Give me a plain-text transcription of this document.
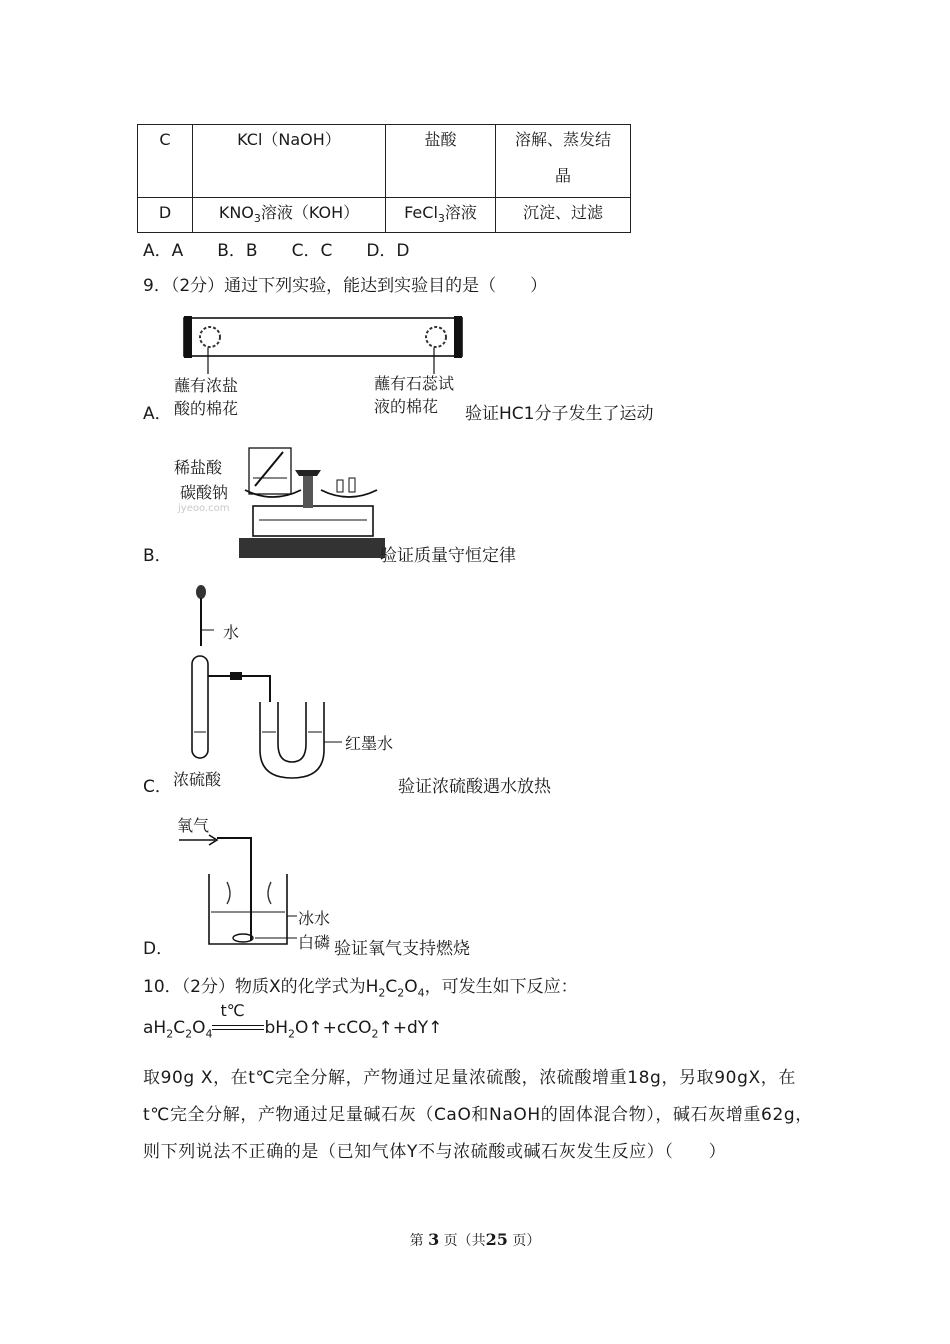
C	KCl（NaOH）	盐酸	溶解、蒸发结
晶

D	$KNO_3$溶液（KOH）	FeCl$_3$溶液	沉淀、过滤
A．A　　B．B　　C．C　　D．D
9．（2分）通过下列实验，能达到实验目的是（　　）
A．
蘸有浓盐
酸的棉花
蘸有石蕊试
液的棉花 验证HC1分子发生了运动
B．
稀盐酸
碳酸钠
jyeoo.com
验证质量守恒定律
C．
水
红墨水
浓硫酸	验证浓硫酸遇水放热
D．
氧气
冰水
白磷 验证氧气支持燃烧
10．（2分）物质X的化学式为$H_2C_2O_4$，可发生如下反应：
$aH_2C_2O_4$
t℃
$bH_2O↑+cCO_2↑+dY↑$
取90g X，在t℃完全分解，产物通过足量浓硫酸，浓硫酸增重18g，另取90gX，在t℃完全分解，产物通过足量碱石灰（CaO和NaOH的固体混合物），碱石灰增重62g，则下列说法不正确的是（已知气体Y不与浓硫酸或碱石灰发生反应）（　　）
第 3 页（共25 页）
